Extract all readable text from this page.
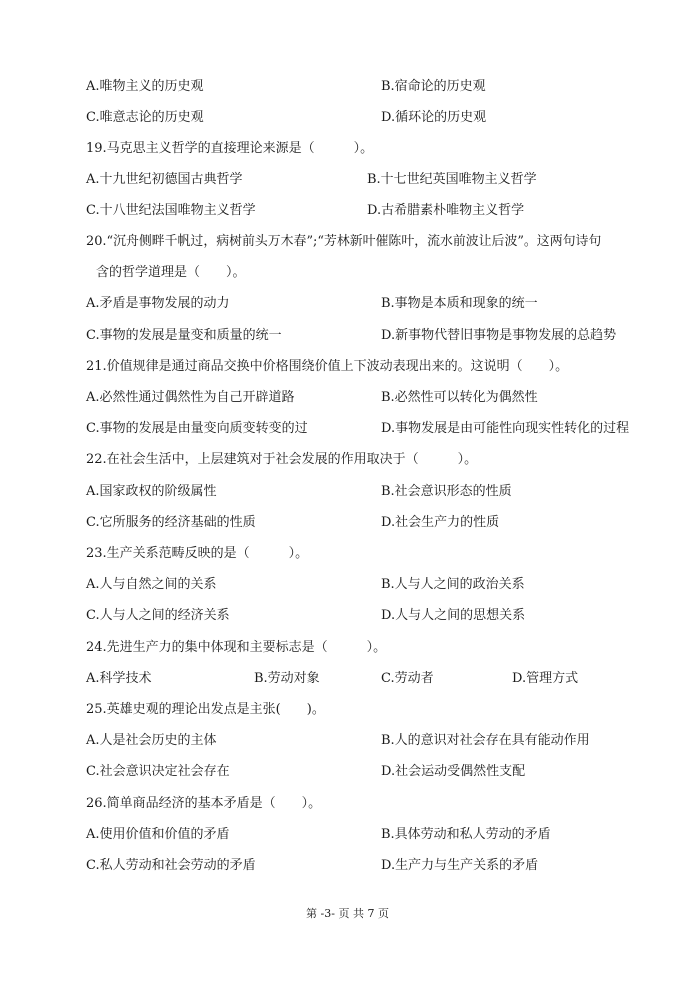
A.唯物主义的历史观	B.宿命论的历史观
C.唯意志论的历史观	D.循环论的历史观
19.马克思主义哲学的直接理论来源是（　　　）。
A.十九世纪初德国古典哲学	B.十七世纪英国唯物主义哲学
C.十八世纪法国唯物主义哲学	D.古希腊素朴唯物主义哲学
20.“沉舟侧畔千帆过，病树前头万木春”;“芳林新叶催陈叶，流水前波让后波”。这两句诗句
含的哲学道理是（　　）。
A.矛盾是事物发展的动力	B.事物是本质和现象的统一
C.事物的发展是量变和质量的统一	D.新事物代替旧事物是事物发展的总趋势
21.价值规律是通过商品交换中价格围绕价值上下波动表现出来的。这说明（　　）。
A.必然性通过偶然性为自己开辟道路	B.必然性可以转化为偶然性
C.事物的发展是由量变向质变转变的过	D.事物发展是由可能性向现实性转化的过程
22.在社会生活中，上层建筑对于社会发展的作用取决于（　　　）。
A.国家政权的阶级属性	B.社会意识形态的性质
C.它所服务的经济基础的性质	D.社会生产力的性质
23.生产关系范畴反映的是（　　　）。
A.人与自然之间的关系	B.人与人之间的政治关系
C.人与人之间的经济关系	D.人与人之间的思想关系
24.先进生产力的集中体现和主要标志是（　　　）。
A.科学技术	B.劳动对象	C.劳动者	D.管理方式
25.英雄史观的理论出发点是主张(　　)。
A.人是社会历史的主体	B.人的意识对社会存在具有能动作用
C.社会意识决定社会存在	D.社会运动受偶然性支配
26.简单商品经济的基本矛盾是（　　）。
A.使用价值和价值的矛盾	B.具体劳动和私人劳动的矛盾
C.私人劳动和社会劳动的矛盾	D.生产力与生产关系的矛盾
第 -3- 页 共 7 页
